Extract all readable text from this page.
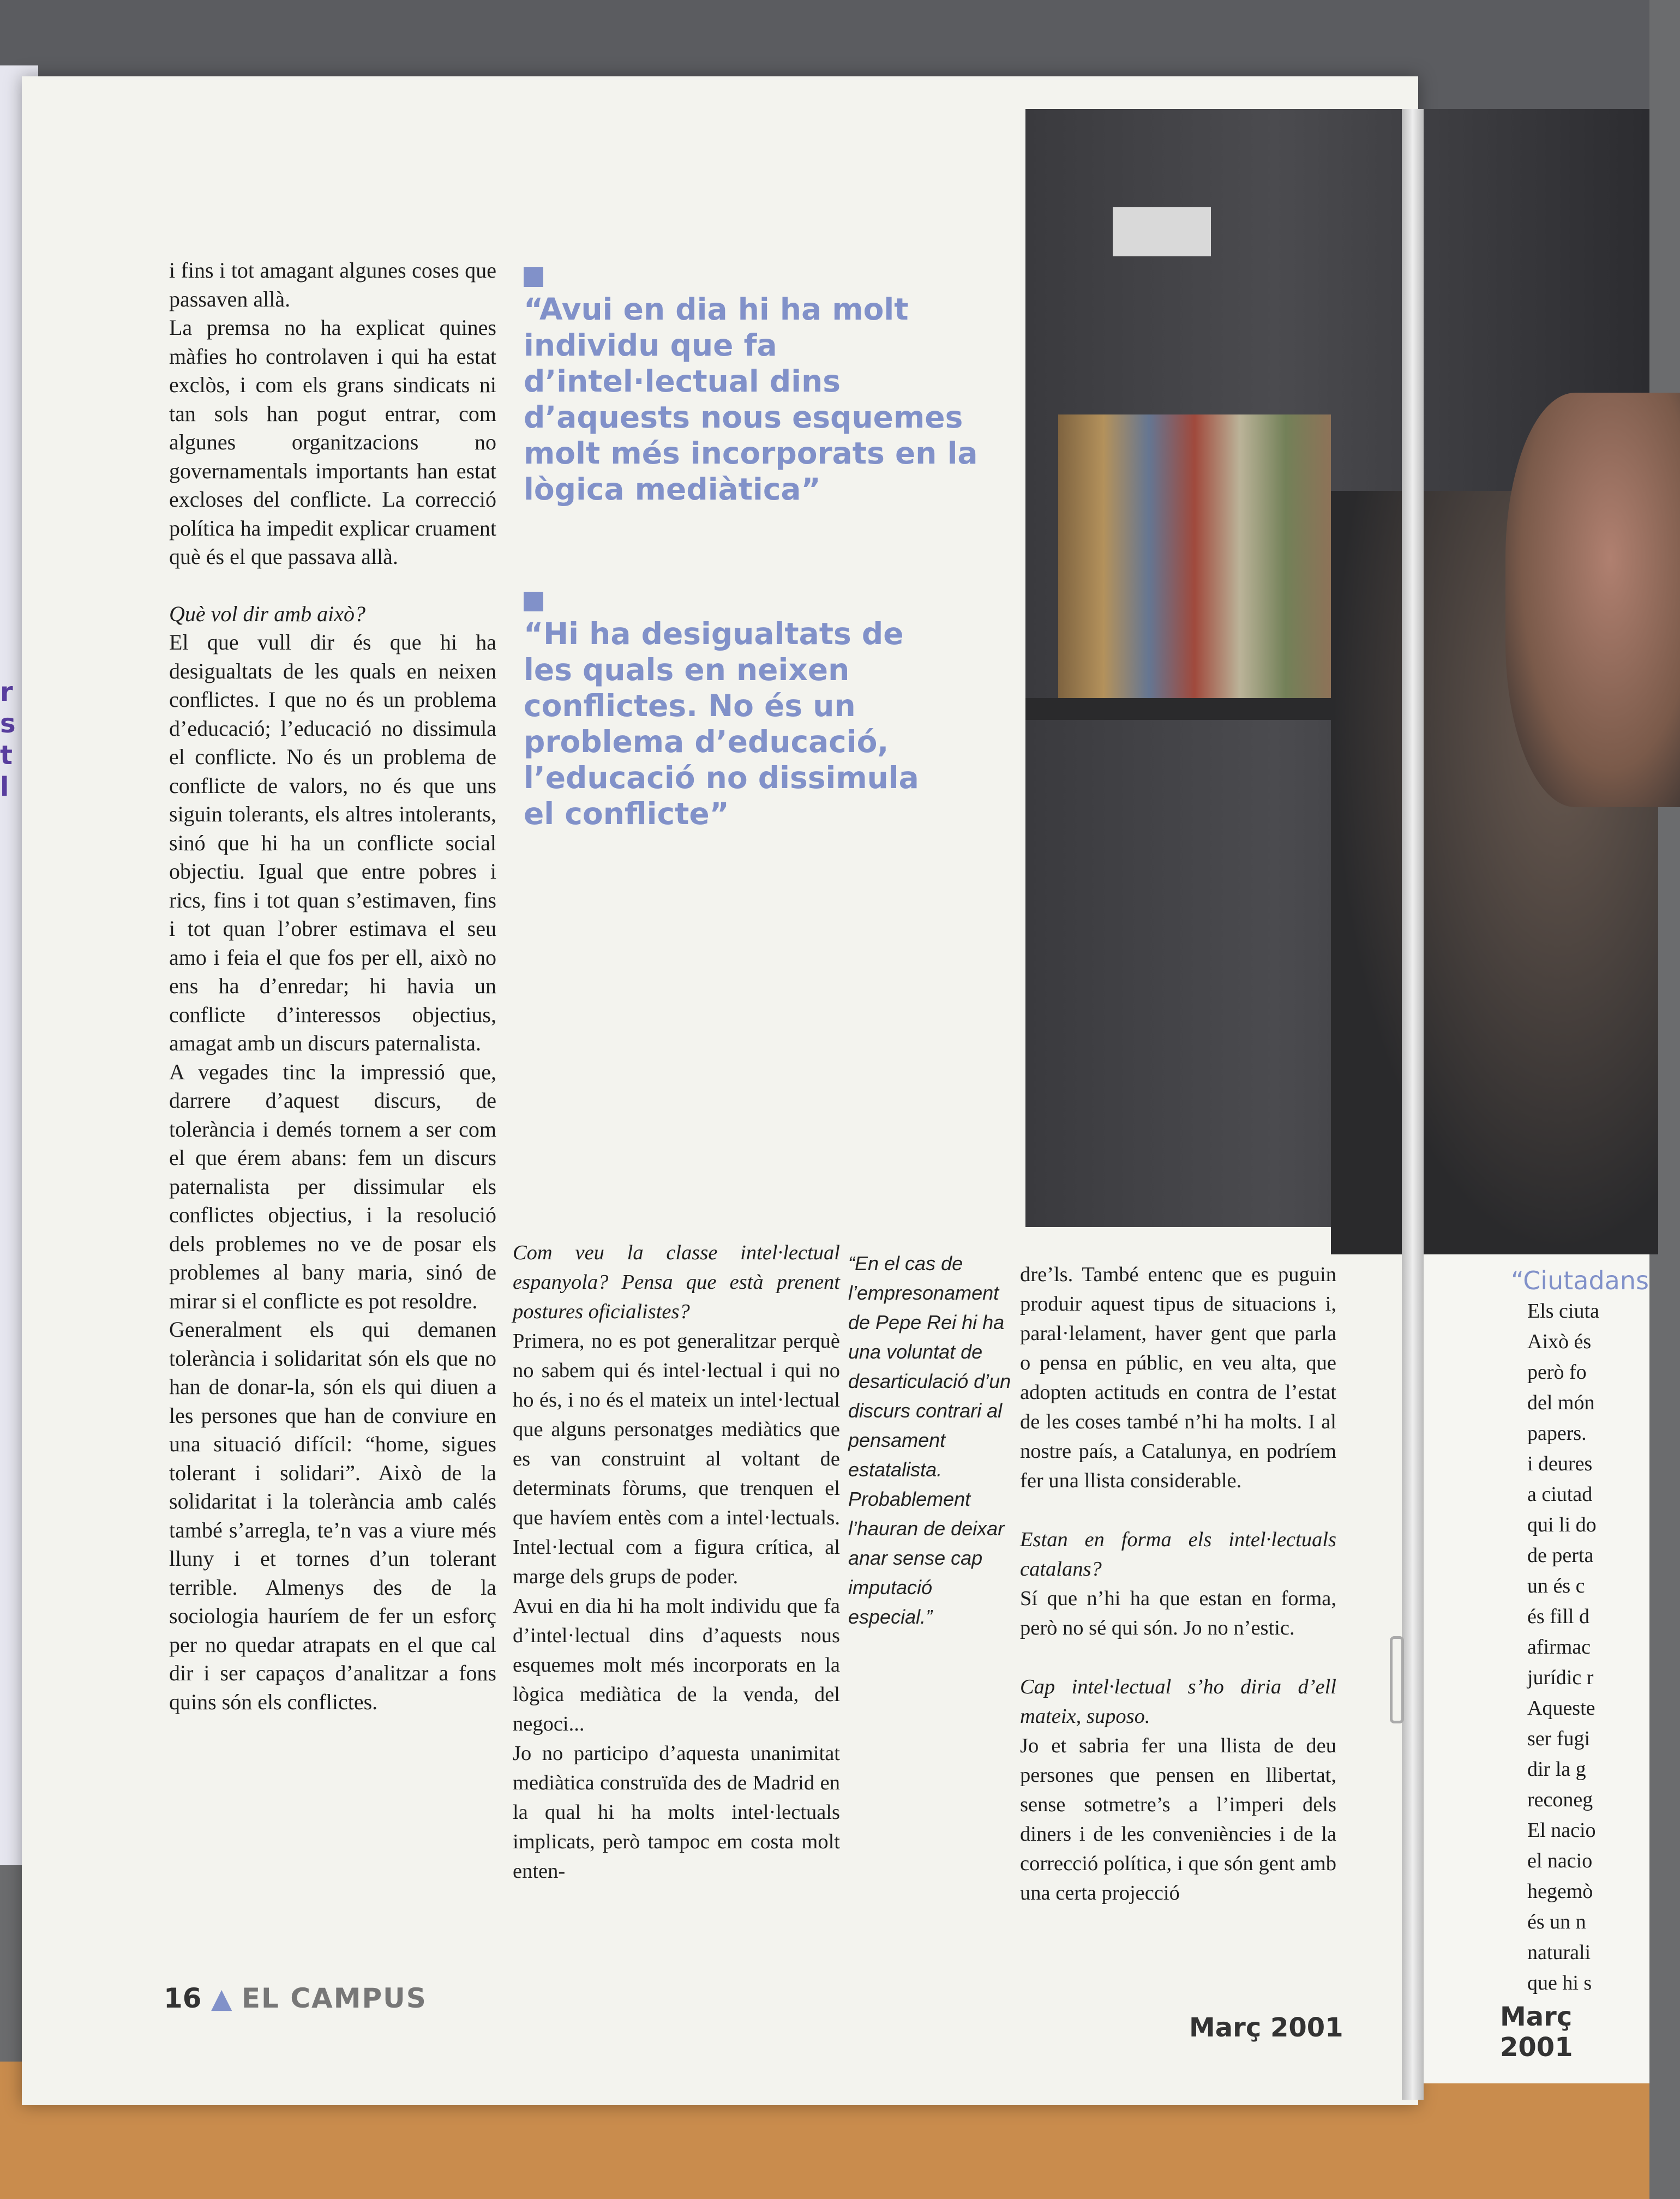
r
s
t
l

i fins i tot amagant algunes coses que passaven allà.

La premsa no ha explicat quines màfies ho controlaven i qui ha estat exclòs, i com els grans sindicats ni tan sols han pogut entrar, com algunes organitzacions no governamentals importants han estat excloses del conflicte. La correcció política ha impedit explicar cruament què és el que passava allà.

Què vol dir amb això?

El que vull dir és que hi ha desigualtats de les quals en neixen conflictes. I que no és un problema d’educació; l’educació no dissimula el conflicte. No és un problema de conflicte de valors, no és que uns siguin tolerants, els altres intolerants, sinó que hi ha un conflicte social objectiu. Igual que entre pobres i rics, fins i tot quan s’estimaven, fins i tot quan l’obrer estimava el seu amo i feia el que fos per ell, això no ens ha d’enredar; hi havia un conflicte d’interessos objectius, amagat amb un discurs paternalista.

A vegades tinc la impressió que, darrere d’aquest discurs, de tolerància i demés tornem a ser com el que érem abans: fem un discurs paternalista per dissimular els conflictes objectius, i la resolució dels problemes no ve de posar els problemes al bany maria, sinó de mirar si el conflicte es pot resoldre.

Generalment els qui demanen tolerància i solidaritat són els que no han de donar-la, són els qui diuen a les persones que han de conviure en una situació difícil: “home, sigues tolerant i solidari”. Això de la solidaritat i la tolerància amb calés també s’arregla, te’n vas a viure més lluny i et tornes d’un tolerant terrible. Almenys des de la sociologia hauríem de fer un esforç per no quedar atrapats en el que cal dir i ser capaços d’analitzar a fons quins són els conflictes.

“Avui en dia hi ha molt individu que fa d’intel·lectual dins d’aquests nous esquemes molt més incorporats en la lògica mediàtica”
“Hi ha desigualtats de les quals en neixen conflictes. No és un problema d’educació, l’educació no dissimula el conflicte”

Com veu la classe intel·lectual espanyola? Pensa que està prenent postures oficialistes?

Primera, no es pot generalitzar perquè no sabem qui és intel·lectual i qui no ho és, i no és el mateix un intel·lectual que alguns personatges mediàtics que es van construint al voltant de determinats fòrums, que trenquen el que havíem entès com a intel·lectuals. Intel·lectual com a figura crítica, al marge dels grups de poder.

Avui en dia hi ha molt individu que fa d’intel·lectual dins d’aquests nous esquemes molt més incorporats en la lògica mediàtica de la venda, del negoci...

Jo no participo d’aquesta unanimitat mediàtica construïda des de Madrid en la qual hi ha molts intel·lectuals implicats, però tampoc em costa molt enten-

“En el cas de l’empresonament de Pepe Rei hi ha una voluntat de desarticulació d’un discurs contrari al pensament estatalista. Probablement l’hauran de deixar anar sense cap imputació especial.”

dre’ls. També entenc que es puguin produir aquest tipus de situacions i, paral·lelament, haver gent que parla o pensa en públic, en veu alta, que adopten actituds en contra de l’estat de les coses també n’hi ha molts. I al nostre país, a Catalunya, en podríem fer una llista considerable.

Estan en forma els intel·lectuals catalans?

Sí que n’hi ha que estan en forma, però no sé qui són. Jo no n’estic.

Cap intel·lectual s’ho diria d’ell mateix, suposo.

Jo et sabria fer una llista de deu persones que pensen en llibertat, sense sotmetre’s a l’imperi dels diners i de les conveniències i de la correcció política, i que són gent amb una certa projecció

“Ciutadans
Els ciuta
Això és
però fo
del món
papers.
i deures
a ciutad
qui li do
de perta
un és c
és fill d
afirmac
jurídic r
Aqueste
ser fugi
dir la g
reconeg
El nacio
el nacio
hegemò
és un n
naturali
que hi s
16 ▲ EL CAMPUS
Març 2001	Març 2001
